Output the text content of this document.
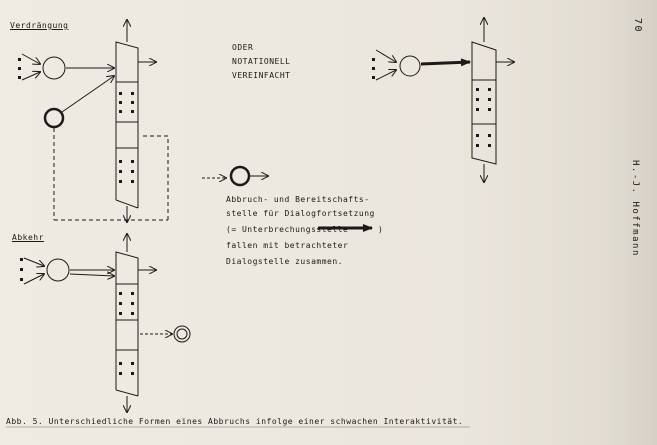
70
H.-J. Hoffmann
Verdrängung
Abkehr
ODER
NOTATIONELL
VEREINFACHT
Abbruch- und Bereitschafts-
stelle für Dialogfortsetzung
(= Unterbrechungsstelle	)
fallen mit betrachteter
Dialogstelle zusammen.
Abb. 5. Unterschiedliche Formen eines Abbruchs infolge einer schwachen Interaktivität.
